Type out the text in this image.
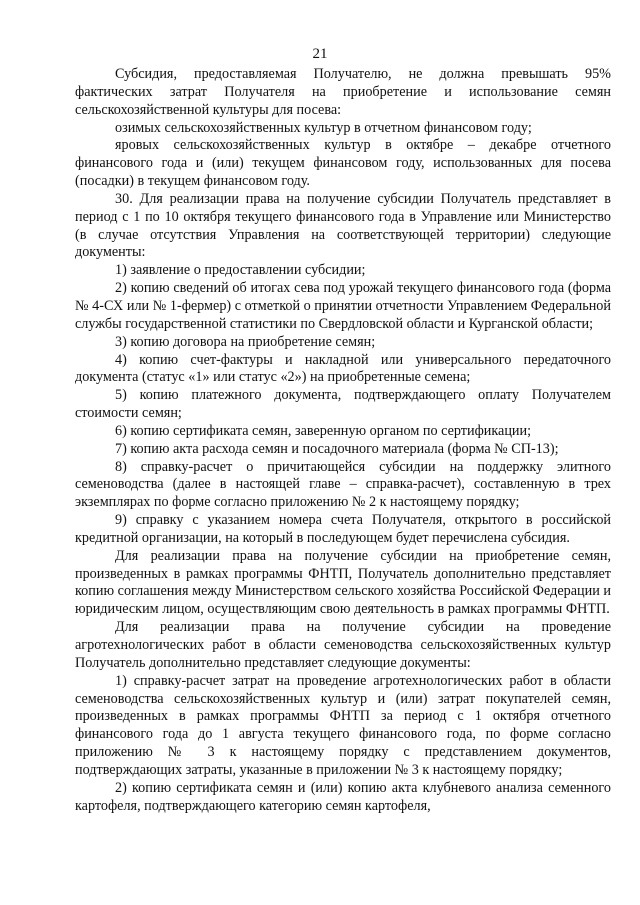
21

Субсидия, предоставляемая Получателю, не должна превышать 95% фактических затрат Получателя на приобретение и использование семян сельскохозяйственной культуры для посева:

озимых сельскохозяйственных культур в отчетном финансовом году;

яровых сельскохозяйственных культур в октябре – декабре отчетного финансового года и (или) текущем финансовом году, использованных для посева (посадки) в текущем финансовом году.

30. Для реализации права на получение субсидии Получатель представляет в период с 1 по 10 октября текущего финансового года в Управление или Министерство (в случае отсутствия Управления на соответствующей территории) следующие документы:

1) заявление о предоставлении субсидии;

2) копию сведений об итогах сева под урожай текущего финансового года (форма № 4-СХ или № 1-фермер) с отметкой о принятии отчетности Управлением Федеральной службы государственной статистики по Свердловской области и Курганской области;

3) копию договора на приобретение семян;

4) копию счет-фактуры и накладной или универсального передаточного документа (статус «1» или статус «2») на приобретенные семена;

5) копию платежного документа, подтверждающего оплату Получателем стоимости семян;

6) копию сертификата семян, заверенную органом по сертификации;

7) копию акта расхода семян и посадочного материала (форма № СП-13);

8) справку-расчет о причитающейся субсидии на поддержку элитного семеноводства (далее в настоящей главе – справка-расчет), составленную в трех экземплярах по форме согласно приложению № 2 к настоящему порядку;

9) справку с указанием номера счета Получателя, открытого в российской кредитной организации, на который в последующем будет перечислена субсидия.

Для реализации права на получение субсидии на приобретение семян, произведенных в рамках программы ФНТП, Получатель дополнительно представляет копию соглашения между Министерством сельского хозяйства Российской Федерации и юридическим лицом, осуществляющим свою деятельность в рамках программы ФНТП.

Для реализации права на получение субсидии на проведение агротехнологических работ в области семеноводства сельскохозяйственных культур Получатель дополнительно представляет следующие документы:

1) справку-расчет затрат на проведение агротехнологических работ в области семеноводства сельскохозяйственных культур и (или) затрат покупателей семян, произведенных в рамках программы ФНТП за период с 1 октября отчетного финансового года до 1 августа текущего финансового года, по форме согласно приложению № 3 к настоящему порядку с представлением документов, подтверждающих затраты, указанные в приложении № 3 к настоящему порядку;

2) копию сертификата семян и (или) копию акта клубневого анализа семенного картофеля, подтверждающего категорию семян картофеля,
